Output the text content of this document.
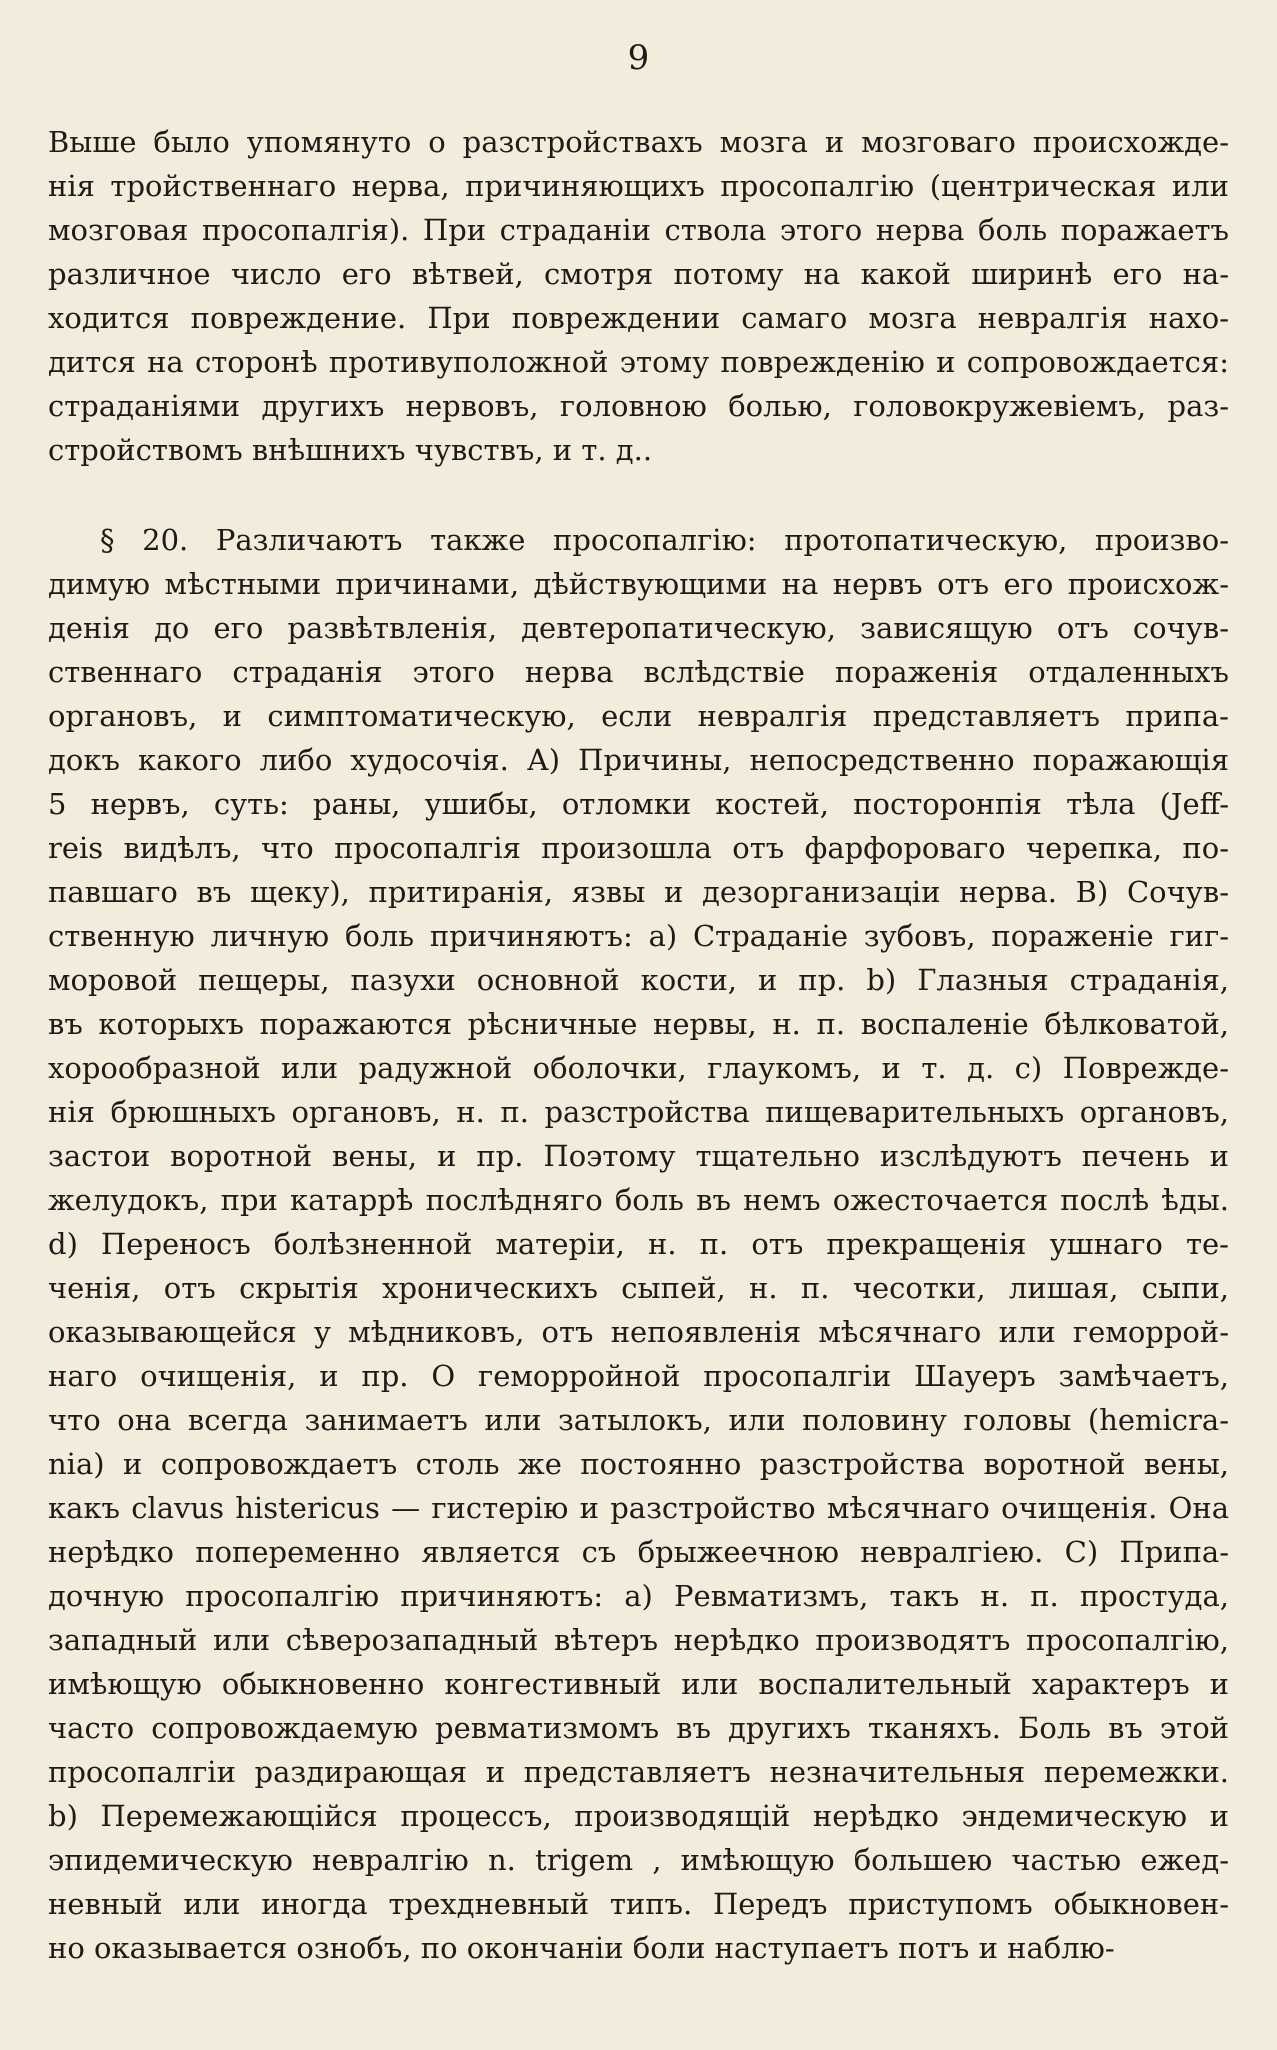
9
Выше было упомянуто о разстройствахъ мозга и мозговаго происхожде-
нія тройственнаго нерва, причиняющихъ просопалгію (центрическая или
мозговая просопалгія). При страданіи ствола этого нерва боль поражаетъ
различное число его вѣтвей, смотря потому на какой ширинѣ его на-
ходится повреждение. При повреждении самаго мозга невралгія нахо-
дится на сторонѣ противуположной этому поврежденію и сопровождается:
страданіями другихъ нервовъ, головною болью, головокружевіемъ, раз-
стройствомъ внѣшнихъ чувствъ, и т. д..
§ 20. Различаютъ также просопалгію: протопатическую, произво-
димую мѣстными причинами, дѣйствующими на нервъ отъ его происхож-
денія до его развѣтвленія, девтеропатическую, зависящую отъ сочув-
ственнаго страданія этого нерва вслѣдствіе пораженія отдаленныхъ
органовъ, и симптоматическую, если невралгія представляетъ припа-
докъ какого либо худосочія. А) Причины, непосредственно поражающія
5 нервъ, суть: раны, ушибы, отломки костей, посторонпія тѣла (Jeff-
reis видѣлъ, что просопалгія произошла отъ фарфороваго черепка, по-
павшаго въ щеку), притиранія, язвы и дезорганизаціи нерва. В) Сочув-
ственную личную боль причиняютъ: a) Страданіе зубовъ, пораженіе гиг-
моровой пещеры, пазухи основной кости, и пр. b) Глазныя страданія,
въ которыхъ поражаются рѣсничные нервы, н. п. воспаленіе бѣлковатой,
хорообразной или радужной оболочки, глаукомъ, и т. д. c) Поврежде-
нія брюшныхъ органовъ, н. п. разстройства пищеварительныхъ органовъ,
застои воротной вены, и пр. Поэтому тщательно изслѣдуютъ печень и
желудокъ, при катаррѣ послѣдняго боль въ немъ ожесточается послѣ ѣды.
d) Переносъ болѣзненной матеріи, н. п. отъ прекращенія ушнаго те-
ченія, отъ скрытія хроническихъ сыпей, н. п. чесотки, лишая, сыпи,
оказывающейся у мѣдниковъ, отъ непоявленія мѣсячнаго или геморрой-
наго очищенія, и пр. О геморройной просопалгіи Шауеръ замѣчаетъ,
что она всегда занимаетъ или затылокъ, или половину головы (hemicra-
nia) и сопровождаетъ столь же постоянно разстройства воротной вены,
какъ clavus histericus — гистерію и разстройство мѣсячнаго очищенія. Она
нерѣдко попеременно является съ брыжеечною невралгіею. C) Припа-
дочную просопалгію причиняютъ: a) Ревматизмъ, такъ н. п. простуда,
западный или сѣверозападный вѣтеръ нерѣдко производятъ просопалгію,
имѣющую обыкновенно конгестивный или воспалительный характеръ и
часто сопровождаемую ревматизмомъ въ другихъ тканяхъ. Боль въ этой
просопалгіи раздирающая и представляетъ незначительныя перемежки.
b) Перемежающійся процессъ, производящій нерѣдко эндемическую и
эпидемическую невралгію n. trigem , имѣющую большею частью ежед-
невный или иногда трехдневный типъ. Передъ приступомъ обыкновен-
но оказывается ознобъ, по окончаніи боли наступаетъ потъ и наблю-
